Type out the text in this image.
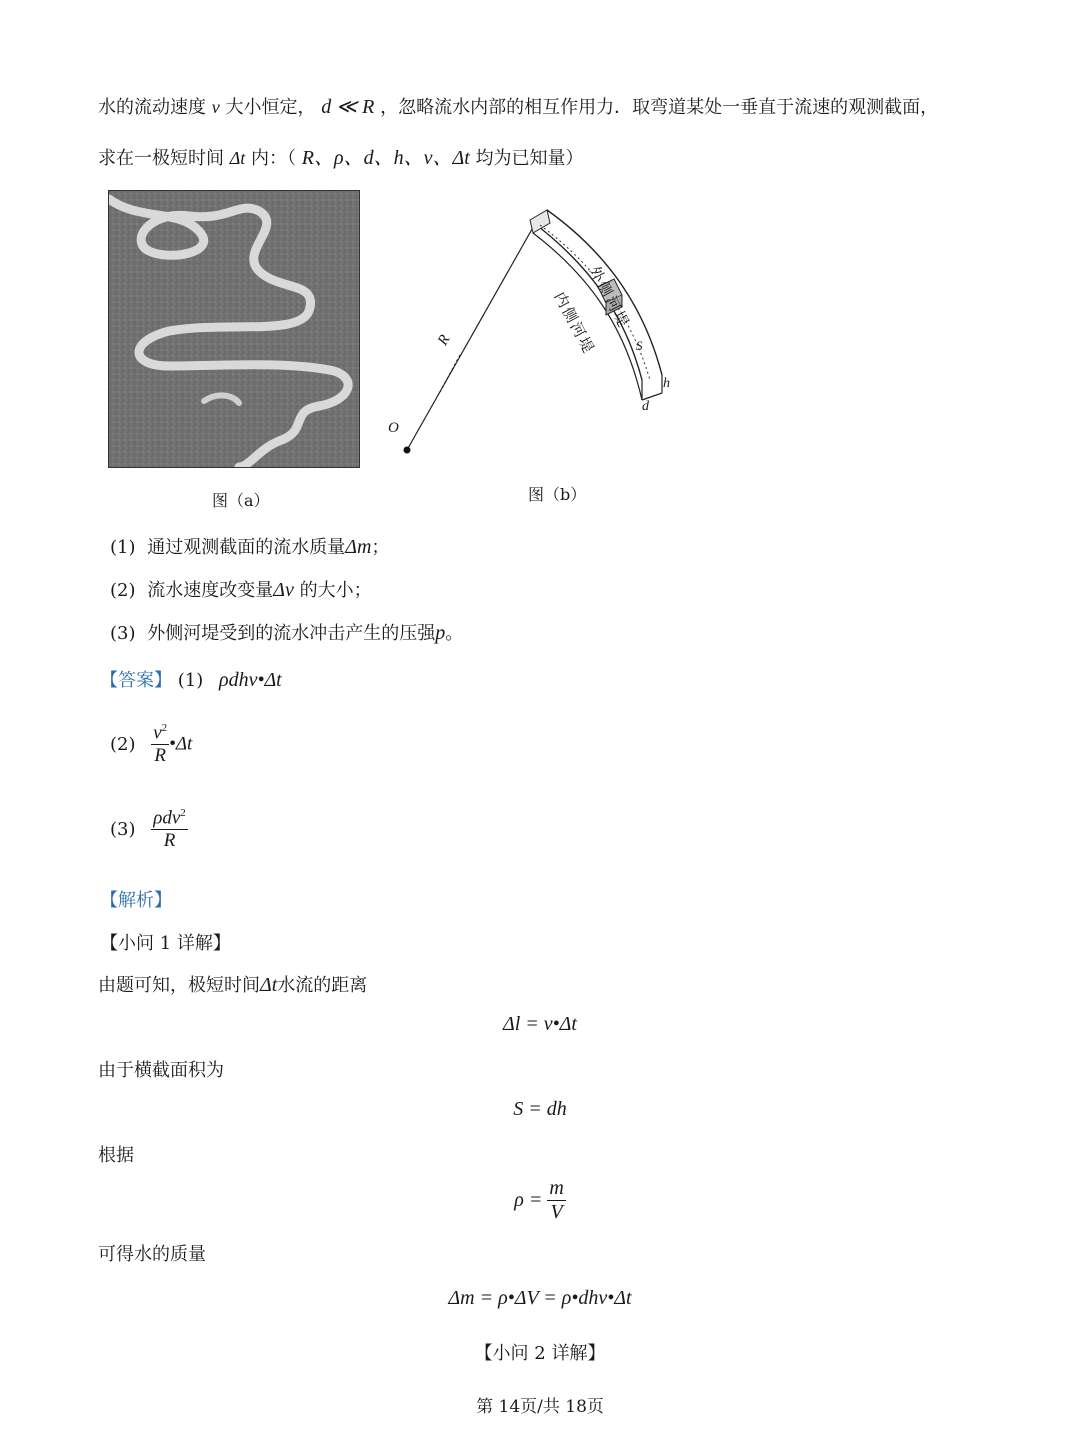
水的流动速度 v 大小恒定， d ≪ R ，忽略流水内部的相互作用力．取弯道某处一垂直于流速的观测截面，
求在一极短时间 Δt 内：（ R、ρ、d、h、v、Δt 均为已知量）
图（a）
R
O
外侧河堤
内侧河堤	S
h
d
图（b）
(1) 通过观测截面的流水质量Δm；
(2) 流水速度改变量Δv 的大小；
(3) 外侧河堤受到的流水冲击产生的压强p。
【答案】 (1) ρdhv•Δt
$(2) \frac{v^2}{R}$ •Δt
$(3) \frac{\rho dv^2}{R}$
【解析】
【小问 1 详解】
由题可知，极短时间Δt水流的距离
Δl = v•Δt
由于横截面积为
S = dh
根据
$\rho = \frac{m}{V}$
可得水的质量
Δm = ρ•ΔV = ρ•dhv•Δt
【小问 2 详解】
第 14页/共 18页
